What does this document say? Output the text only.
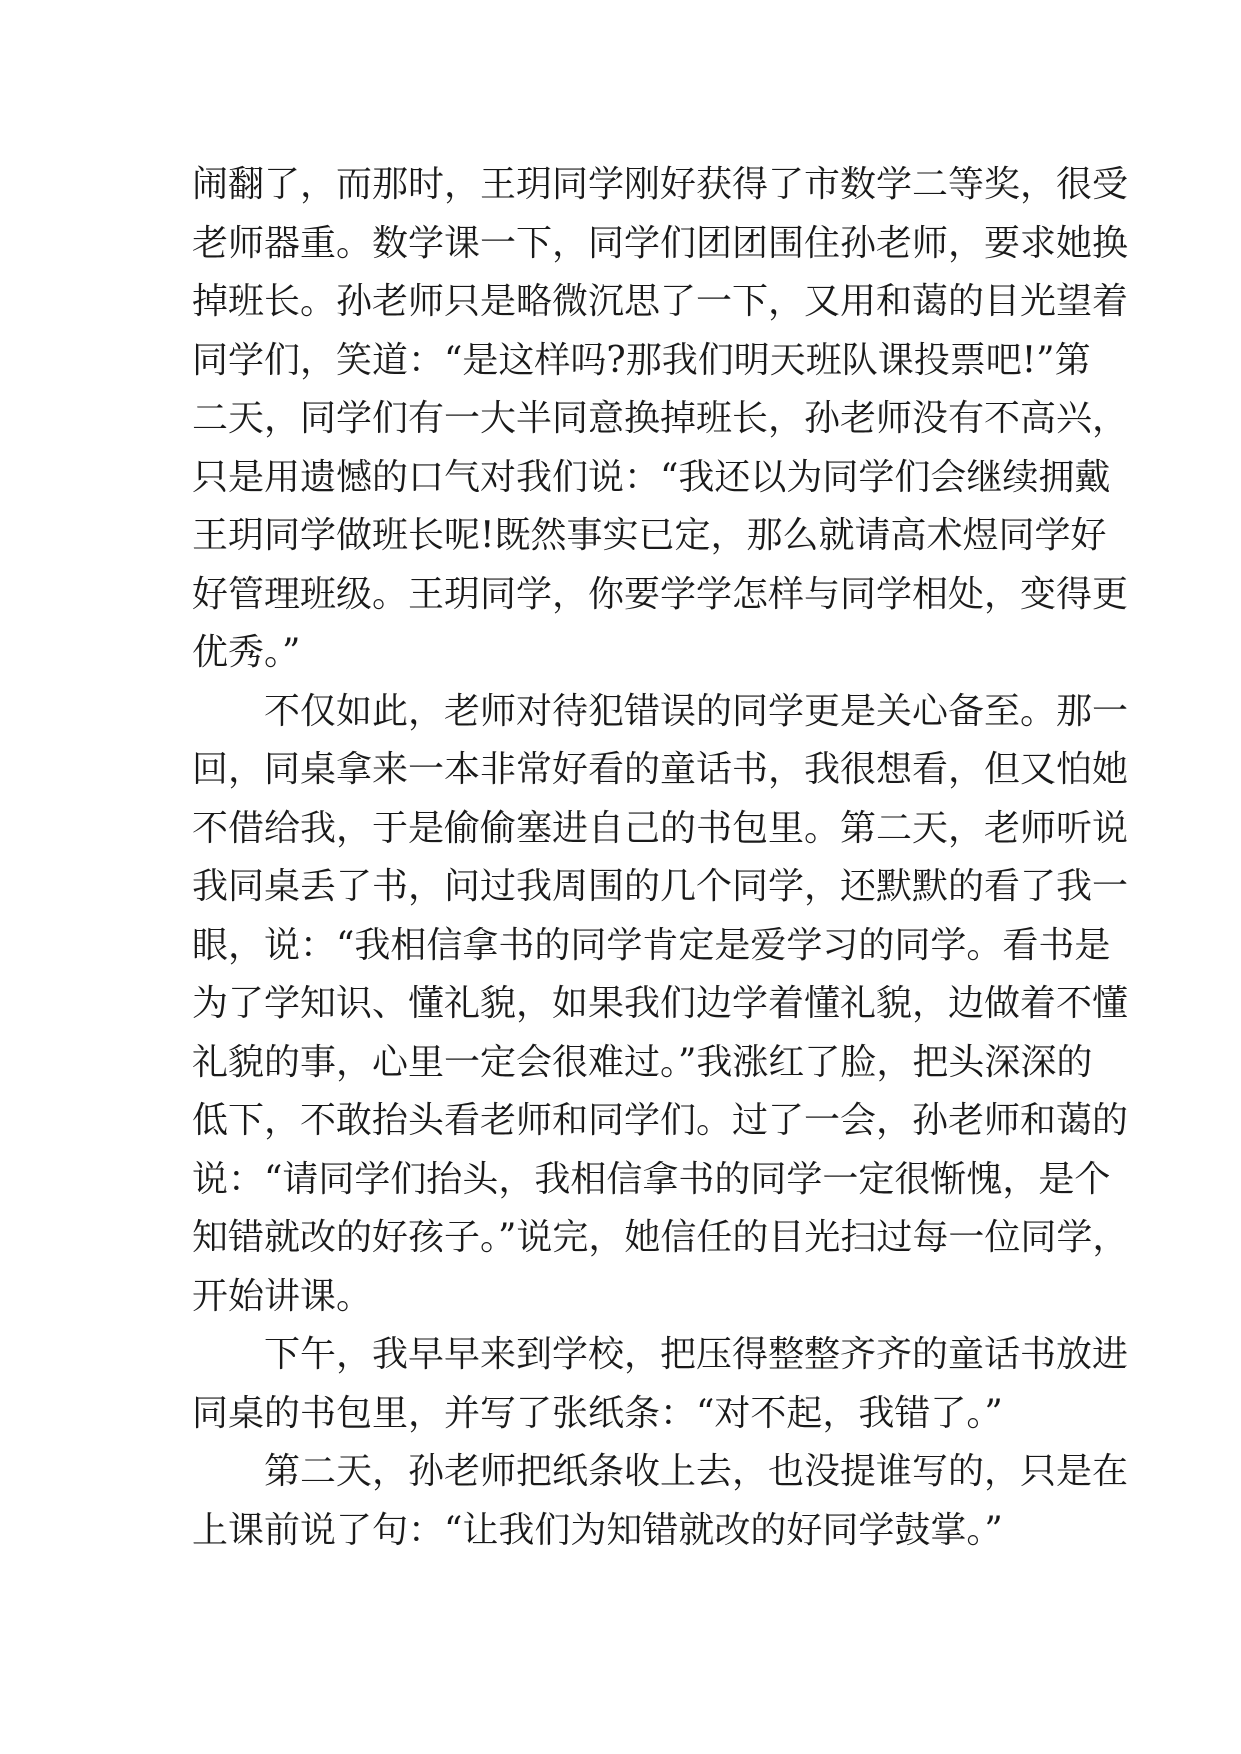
闹翻了，而那时，王玥同学刚好获得了市数学二等奖，很受
老师器重。数学课一下，同学们团团围住孙老师，要求她换
掉班长。孙老师只是略微沉思了一下，又用和蔼的目光望着
同学们，笑道：“是这样吗?那我们明天班队课投票吧!”第
二天，同学们有一大半同意换掉班长，孙老师没有不高兴，
只是用遗憾的口气对我们说：“我还以为同学们会继续拥戴
王玥同学做班长呢!既然事实已定，那么就请高术煜同学好
好管理班级。王玥同学，你要学学怎样与同学相处，变得更
优秀。”
不仅如此，老师对待犯错误的同学更是关心备至。那一
回，同桌拿来一本非常好看的童话书，我很想看，但又怕她
不借给我，于是偷偷塞进自己的书包里。第二天，老师听说
我同桌丢了书，问过我周围的几个同学，还默默的看了我一
眼，说：“我相信拿书的同学肯定是爱学习的同学。看书是
为了学知识、懂礼貌，如果我们边学着懂礼貌，边做着不懂
礼貌的事，心里一定会很难过。”我涨红了脸，把头深深的
低下，不敢抬头看老师和同学们。过了一会，孙老师和蔼的
说：“请同学们抬头，我相信拿书的同学一定很惭愧，是个
知错就改的好孩子。”说完，她信任的目光扫过每一位同学，
开始讲课。
下午，我早早来到学校，把压得整整齐齐的童话书放进
同桌的书包里，并写了张纸条：“对不起，我错了。”
第二天，孙老师把纸条收上去，也没提谁写的，只是在
上课前说了句：“让我们为知错就改的好同学鼓掌。”
